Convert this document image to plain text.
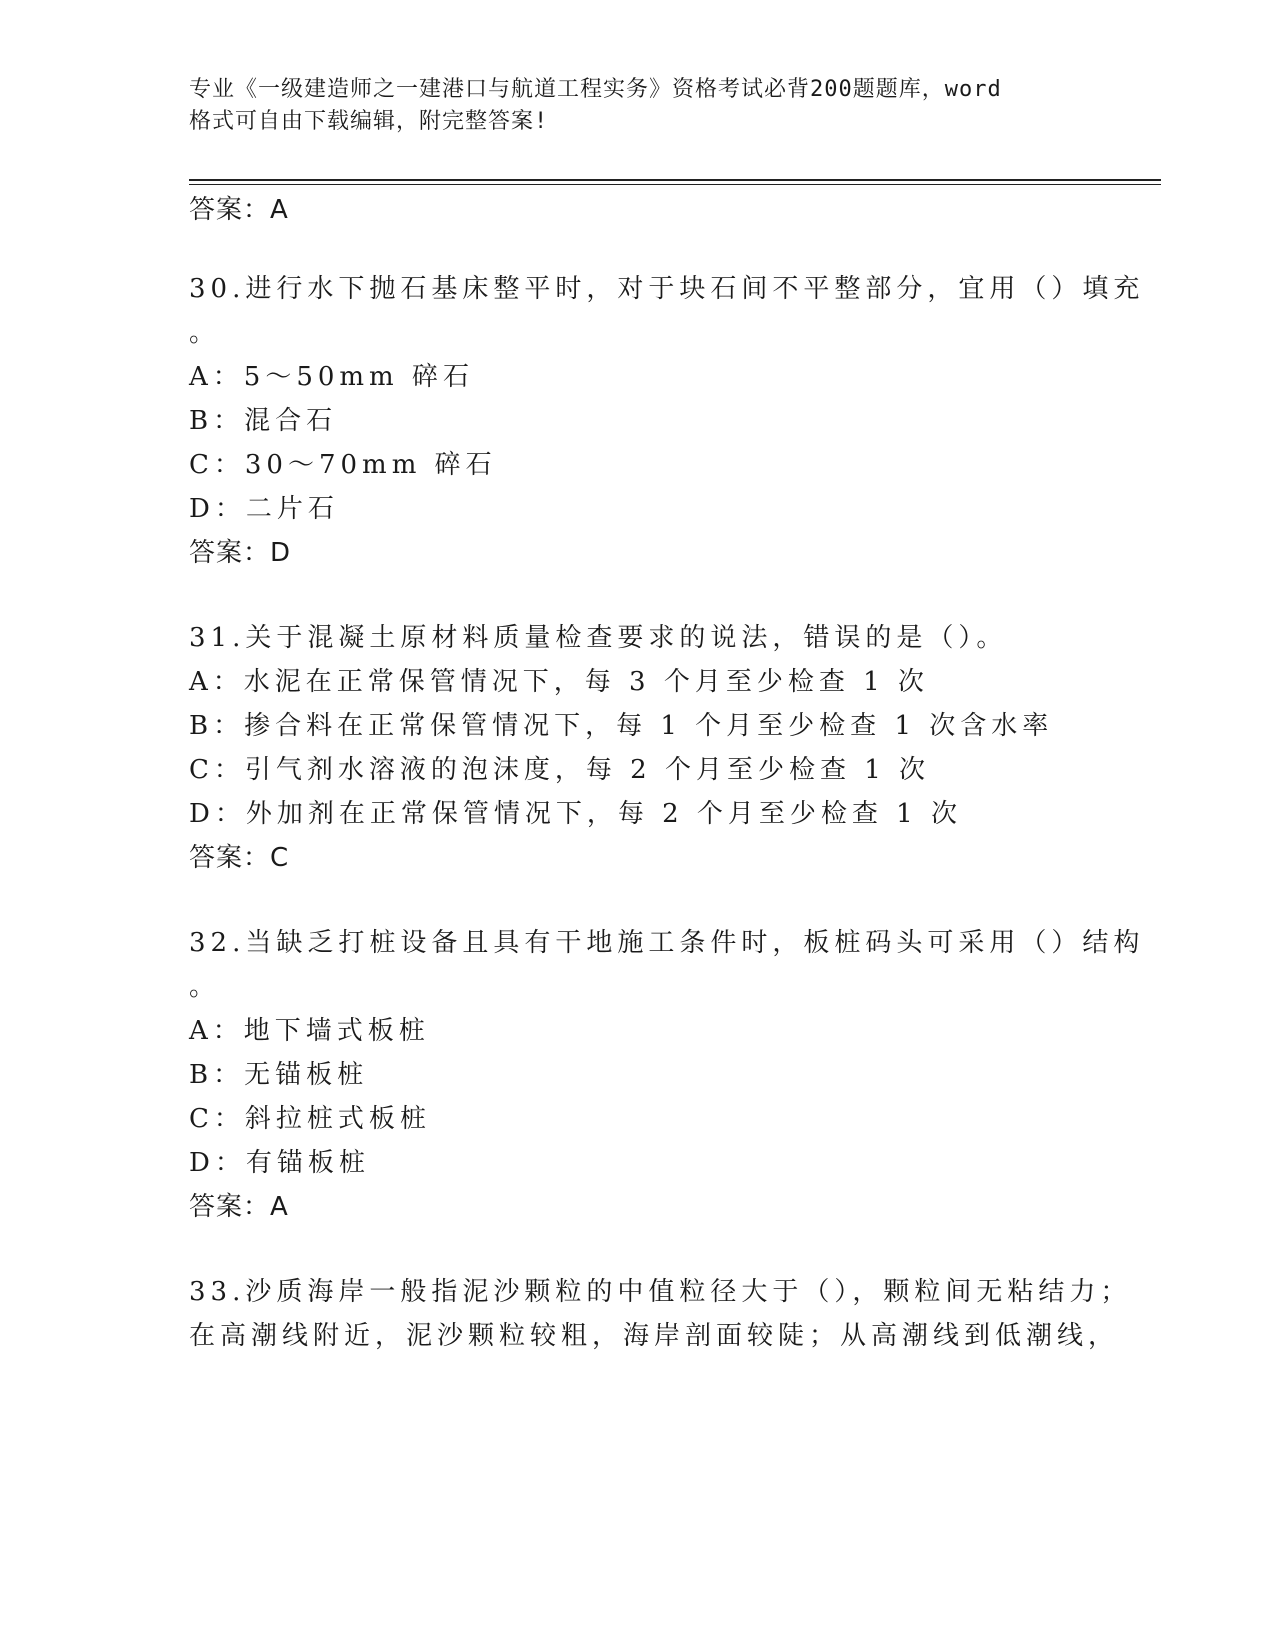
专业《一级建造师之一建港口与航道工程实务》资格考试必背200题题库，word
格式可自由下载编辑，附完整答案!
答案：A
30.进行水下抛石基床整平时，对于块石间不平整部分，宜用（）填充
。
A：5～50mm 碎石
B：混合石
C：30～70mm 碎石
D：二片石
答案：D
31.关于混凝土原材料质量检查要求的说法，错误的是（）。
A：水泥在正常保管情况下，每 3 个月至少检查 1 次
B：掺合料在正常保管情况下，每 1 个月至少检查 1 次含水率
C：引气剂水溶液的泡沫度，每 2 个月至少检查 1 次
D：外加剂在正常保管情况下，每 2 个月至少检查 1 次
答案：C
32.当缺乏打桩设备且具有干地施工条件时，板桩码头可采用（）结构
。
A：地下墙式板桩
B：无锚板桩
C：斜拉桩式板桩
D：有锚板桩
答案：A
33.沙质海岸一般指泥沙颗粒的中值粒径大于（），颗粒间无粘结力；
在高潮线附近，泥沙颗粒较粗，海岸剖面较陡；从高潮线到低潮线，
